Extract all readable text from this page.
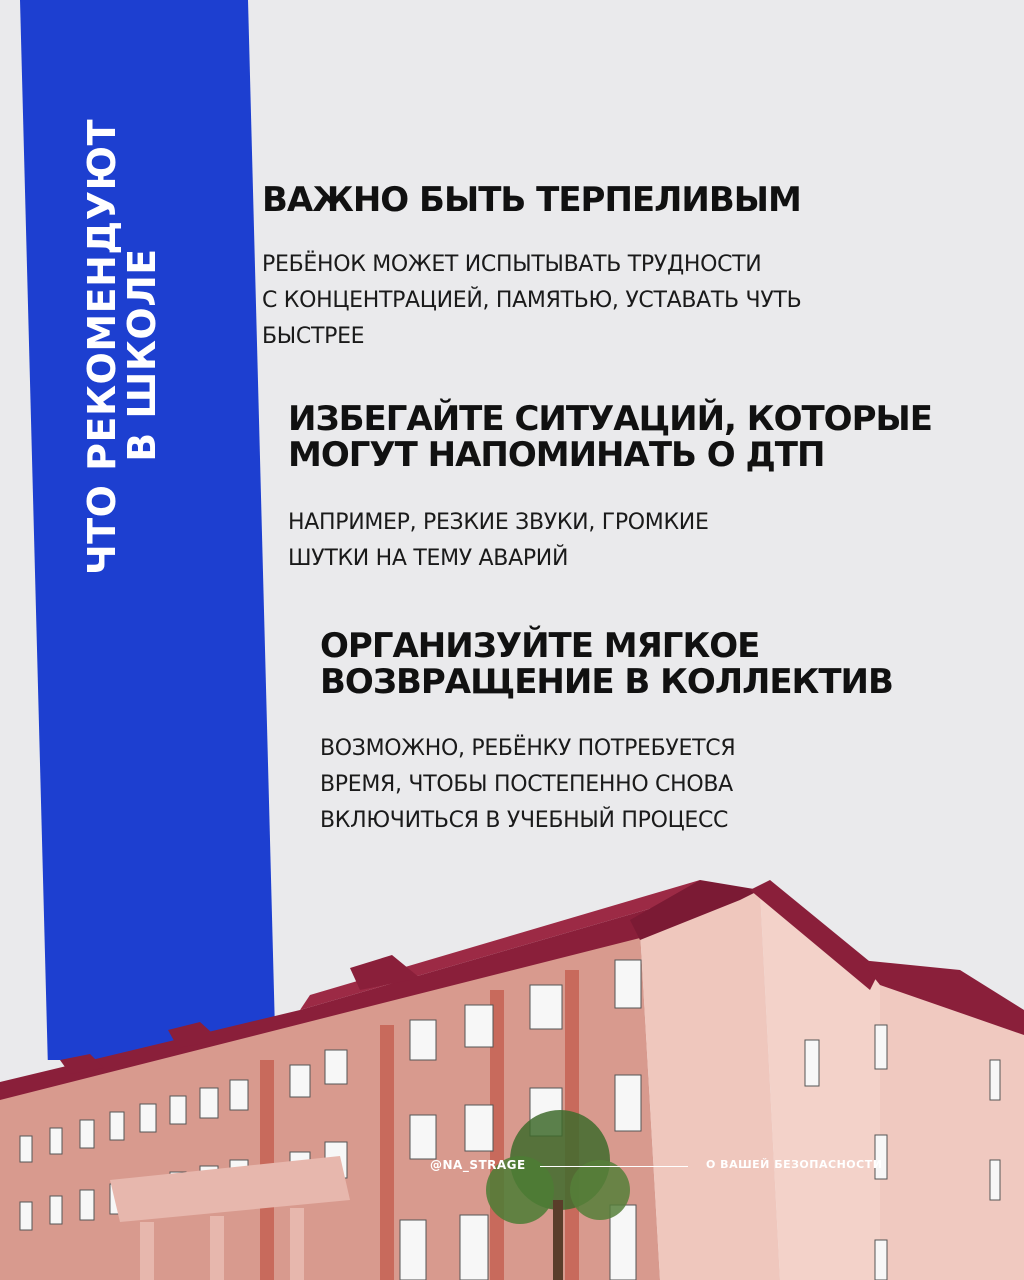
ЧТО РЕКОМЕНДУЮТ
В ШКОЛЕ
ВАЖНО БЫТЬ ТЕРПЕЛИВЫМ
РЕБЁНОК МОЖЕТ ИСПЫТЫВАТЬ ТРУДНОСТИ
С КОНЦЕНТРАЦИЕЙ, ПАМЯТЬЮ, УСТАВАТЬ ЧУТЬ
БЫСТРЕЕ
ИЗБЕГАЙТЕ СИТУАЦИЙ, КОТОРЫЕ
МОГУТ НАПОМИНАТЬ О ДТП
НАПРИМЕР, РЕЗКИЕ ЗВУКИ, ГРОМКИЕ
ШУТКИ НА ТЕМУ АВАРИЙ
ОРГАНИЗУЙТЕ МЯГКОЕ
ВОЗВРАЩЕНИЕ В КОЛЛЕКТИВ
ВОЗМОЖНО, РЕБЁНКУ ПОТРЕБУЕТСЯ
ВРЕМЯ, ЧТОБЫ ПОСТЕПЕННО СНОВА
ВКЛЮЧИТЬСЯ В УЧЕБНЫЙ ПРОЦЕСС
@NA_STRAGE	О ВАШЕЙ БЕЗОПАСНОСТИ
